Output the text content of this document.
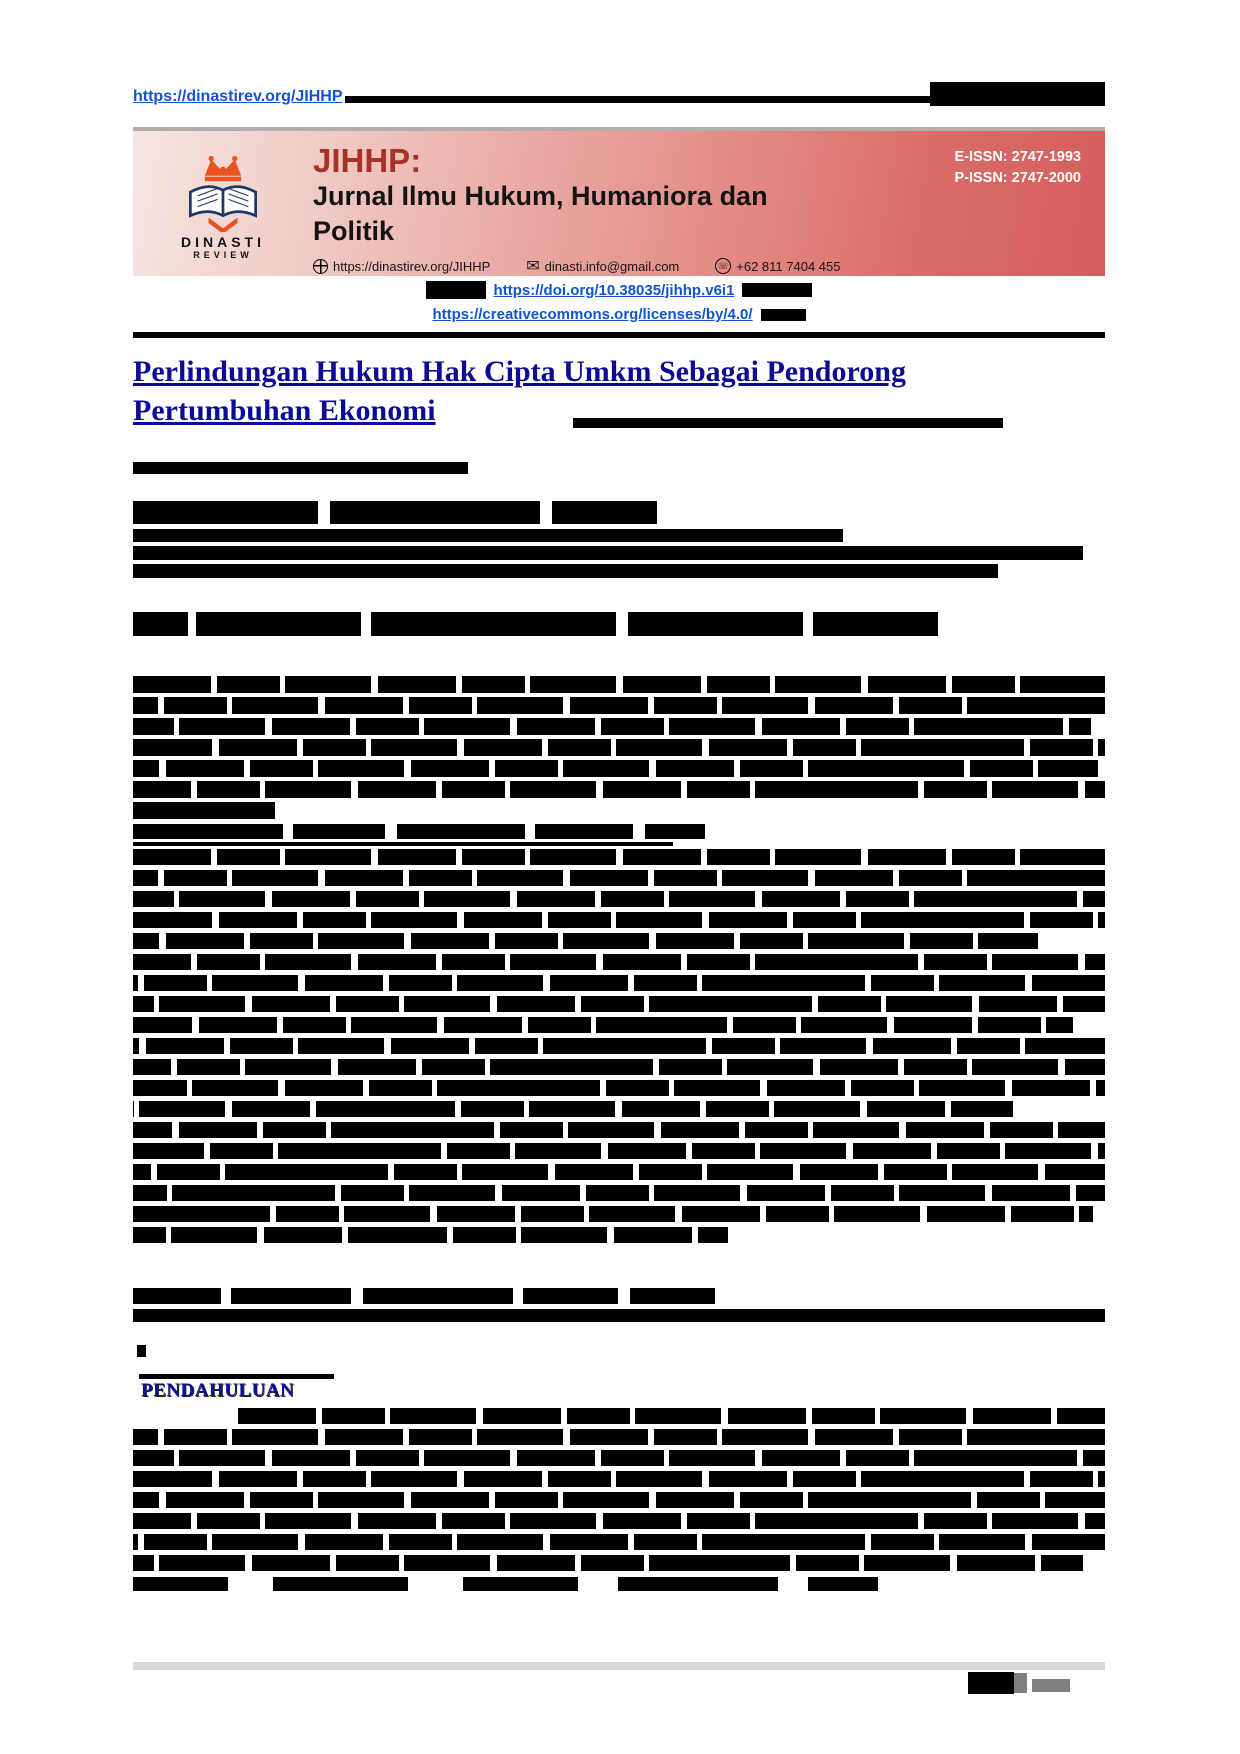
https://dinastirev.org/JIHHP
DINASTI
REVIEW
JIHHP:
Jurnal Ilmu Hukum, Humaniora dan
Politik
https://dinastirev.org/JIHHP ✉ dinasti.info@gmail.com	☏ +62 811 7404 455
E-ISSN: 2747-1993
P-ISSN: 2747-2000
https://doi.org/10.38035/jihhp.v6i1
https://creativecommons.org/licenses/by/4.0/
Perlindungan Hukum Hak Cipta Umkm Sebagai Pendorong
Pertumbuhan Ekonomi
PENDAHULUAN
